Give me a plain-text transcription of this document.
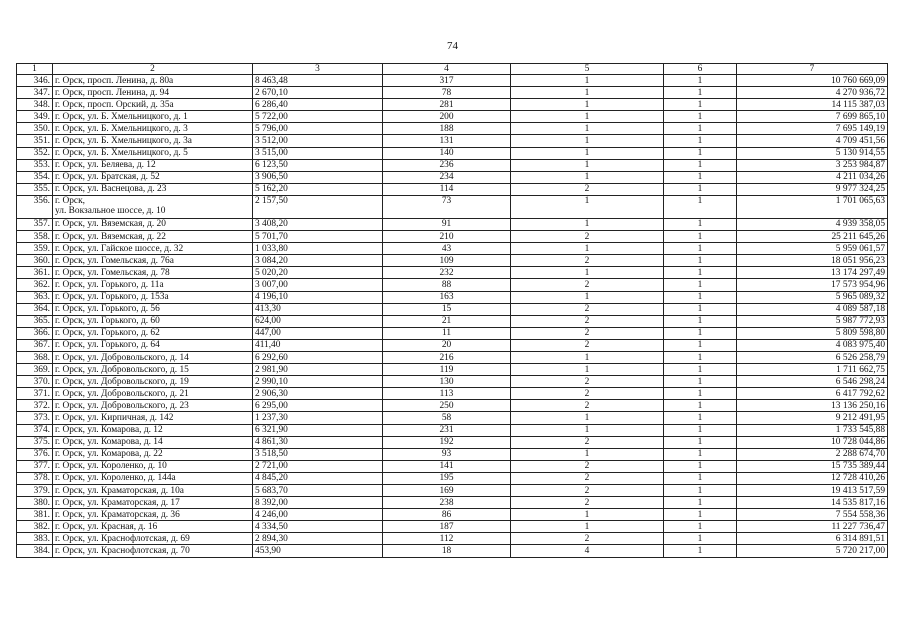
74
1	2	3	4	5	6	7
346.	г. Орск, просп. Ленина, д. 80а	8 463,48	317	1	1	10 760 669,09
347.	г. Орск, просп. Ленина, д. 94	2 670,10	78	1	1	4 270 936,72
348.	г. Орск, просп. Орский, д. 35а	6 286,40	281	1	1	14 115 387,03
349.	г. Орск, ул. Б. Хмельницкого, д. 1	5 722,00	200	1	1	7 699 865,10
350.	г. Орск, ул. Б. Хмельницкого, д. 3	5 796,00	188	1	1	7 695 149,19
351.	г. Орск, ул. Б. Хмельницкого, д. 3а	3 512,00	131	1	1	4 709 451,56
352.	г. Орск, ул. Б. Хмельницкого, д. 5	3 515,00	140	1	1	5 130 914,55
353.	г. Орск, ул. Беляева, д. 12	6 123,50	236	1	1	3 253 984,87
354.	г. Орск, ул. Братская, д. 52	3 906,50	234	1	1	4 211 034,26
355.	г. Орск, ул. Васнецова, д. 23	5 162,20	114	2	1	9 977 324,25
356.	г. Орск,
ул. Вокзальное шоссе, д. 10	2 157,50	73	1	1	1 701 065,63
357.	г. Орск, ул. Вяземская, д. 20	3 408,20	91	1	1	4 939 358,05
358.	г. Орск, ул. Вяземская, д. 22	5 701,70	210	2	1	25 211 645,26
359.	г. Орск, ул. Гайское шоссе, д. 32	1 033,80	43	1	1	5 959 061,57
360.	г. Орск, ул. Гомельская, д. 76а	3 084,20	109	2	1	18 051 956,23
361.	г. Орск, ул. Гомельская, д. 78	5 020,20	232	1	1	13 174 297,49
362.	г. Орск, ул. Горького, д. 11а	3 007,00	88	2	1	17 573 954,96
363.	г. Орск, ул. Горького, д. 153а	4 196,10	163	1	1	5 965 089,32
364.	г. Орск, ул. Горького, д. 56	413,30	15	2	1	4 089 587,18
365.	г. Орск, ул. Горького, д. 60	624,00	21	2	1	5 987 772,93
366.	г. Орск, ул. Горького, д. 62	447,00	11	2	1	5 809 598,80
367.	г. Орск, ул. Горького, д. 64	411,40	20	2	1	4 083 975,40
368.	г. Орск, ул. Добровольского, д. 14	6 292,60	216	1	1	6 526 258,79
369.	г. Орск, ул. Добровольского, д. 15	2 981,90	119	1	1	1 711 662,75
370.	г. Орск, ул. Добровольского, д. 19	2 990,10	130	2	1	6 546 298,24
371.	г. Орск, ул. Добровольского, д. 21	2 906,30	113	2	1	6 417 792,62
372.	г. Орск, ул. Добровольского, д. 23	6 295,00	250	2	1	13 136 250,16
373.	г. Орск, ул. Кирпичная, д. 142	1 237,30	58	1	1	9 212 491,95
374.	г. Орск, ул. Комарова, д. 12	6 321,90	231	1	1	1 733 545,88
375.	г. Орск, ул. Комарова, д. 14	4 861,30	192	2	1	10 728 044,86
376.	г. Орск, ул. Комарова, д. 22	3 518,50	93	1	1	2 288 674,70
377.	г. Орск, ул. Короленко, д. 10	2 721,00	141	2	1	15 735 389,44
378.	г. Орск, ул. Короленко, д. 144а	4 845,20	195	2	1	12 728 410,26
379.	г. Орск, ул. Краматорская, д. 10а	5 683,70	169	2	1	19 413 517,59
380.	г. Орск, ул. Краматорская, д. 17	8 392,00	238	2	1	14 535 817,16
381.	г. Орск, ул. Краматорская, д. 36	4 246,00	86	1	1	7 554 558,36
382.	г. Орск, ул. Красная, д. 16	4 334,50	187	1	1	11 227 736,47
383.	г. Орск, ул. Краснофлотская, д. 69	2 894,30	112	2	1	6 314 891,51
384.	г. Орск, ул. Краснофлотская, д. 70	453,90	18	4	1	5 720 217,00
